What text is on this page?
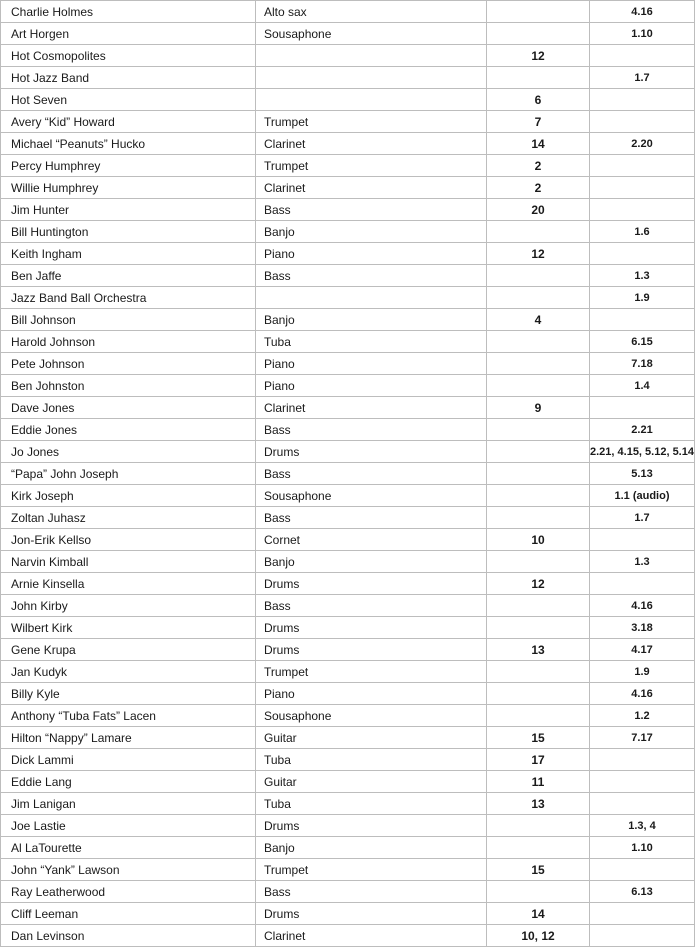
Charlie Holmes	Alto sax		4.16
Art Horgen	Sousaphone		1.10
Hot Cosmopolites		12	
Hot Jazz Band			1.7
Hot Seven		6	
Avery “Kid” Howard	Trumpet	7	
Michael “Peanuts” Hucko	Clarinet	14	2.20
Percy Humphrey	Trumpet	2	
Willie Humphrey	Clarinet	2	
Jim Hunter	Bass	20	
Bill Huntington	Banjo		1.6
Keith Ingham	Piano	12	
Ben Jaffe	Bass		1.3
Jazz Band Ball Orchestra			1.9
Bill Johnson	Banjo	4	
Harold Johnson	Tuba		6.15
Pete Johnson	Piano		7.18
Ben Johnston	Piano		1.4
Dave Jones	Clarinet	9	
Eddie Jones	Bass		2.21
Jo Jones	Drums		2.21, 4.15, 5.12, 5.14
“Papa” John Joseph	Bass		5.13
Kirk Joseph	Sousaphone		1.1 (audio)
Zoltan Juhasz	Bass		1.7
Jon-Erik Kellso	Cornet	10	
Narvin Kimball	Banjo		1.3
Arnie Kinsella	Drums	12	
John Kirby	Bass		4.16
Wilbert Kirk	Drums		3.18
Gene Krupa	Drums	13	4.17
Jan Kudyk	Trumpet		1.9
Billy Kyle	Piano		4.16
Anthony “Tuba Fats” Lacen	Sousaphone		1.2
Hilton “Nappy” Lamare	Guitar	15	7.17
Dick Lammi	Tuba	17	
Eddie Lang	Guitar	11	
Jim Lanigan	Tuba	13	
Joe Lastie	Drums		1.3, 4
Al LaTourette	Banjo		1.10
John “Yank” Lawson	Trumpet	15	
Ray Leatherwood	Bass		6.13
Cliff Leeman	Drums	14	
Dan Levinson	Clarinet	10, 12	
